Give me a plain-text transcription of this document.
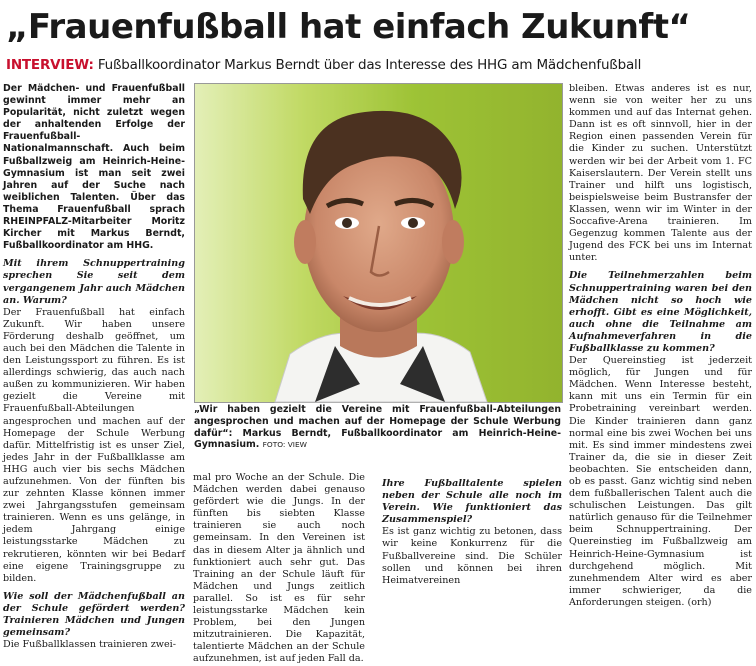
„Frauenfußball hat einfach Zukunft“
INTERVIEW: Fußballkoordinator Markus Berndt über das Interesse des HHG am Mädchenfußball

Der Mädchen- und Frauenfußball gewinnt immer mehr an Popularität, nicht zuletzt wegen der anhaltenden Erfolge der Frauenfußball-Nationalmannschaft. Auch beim Fußballzweig am Heinrich-Heine-Gymnasium ist man seit zwei Jahren auf der Suche nach weiblichen Talenten. Über das Thema Frauenfußball sprach RHEINPFALZ-Mitarbeiter Moritz Kircher mit Markus Berndt, Fußballkoordinator am HHG.

Mit ihrem Schnuppertraining sprechen Sie seit dem vergangenem Jahr auch Mädchen an. Warum?

Der Frauenfußball hat einfach Zukunft. Wir haben unsere Förderung deshalb geöffnet, um auch bei den Mädchen die Talente in den Leistungssport zu führen. Es ist allerdings schwierig, das auch nach außen zu kommunizieren. Wir haben gezielt die Vereine mit Frauenfußball-Abteilungen angesprochen und machen auf der Homepage der Schule Werbung dafür. Mittelfristig ist es unser Ziel, jedes Jahr in der Fußballklasse am HHG auch vier bis sechs Mädchen aufzunehmen. Von der fünften bis zur zehnten Klasse können immer zwei Jahrgangsstufen gemeinsam trainieren. Wenn es uns gelänge, in jedem Jahrgang einige leistungsstarke Mädchen zu rekrutieren, könnten wir bei Bedarf eine eigene Trainingsgruppe zu bilden.

Wie soll der Mädchenfußball an der Schule gefördert werden? Trainieren Mädchen und Jungen gemeinsam?

Die Fußballklassen trainieren zwei-

„Wir haben gezielt die Vereine mit Frauenfußball-Abteilungen angesprochen und machen auf der Homepage der Schule Werbung dafür“: Markus Berndt, Fußballkoordinator am Heinrich-Heine-Gymnasium. FOTO: VIEW

mal pro Woche an der Schule. Die Mädchen werden dabei genauso gefördert wie die Jungs. In der fünften bis siebten Klasse trainieren sie auch noch gemeinsam. In den Vereinen ist das in diesem Alter ja ähnlich und funktioniert auch sehr gut. Das Training an der Schule läuft für Mädchen und Jungs zeitlich parallel. So ist es für sehr leistungsstarke Mädchen kein Problem, bei den Jungen mitzutrainieren. Die Kapazität, talentierte Mädchen an der Schule aufzunehmen, ist auf jeden Fall da.

Ihre Fußballtalente spielen neben der Schule alle noch im Verein. Wie funktioniert das Zusammenspiel?

Es ist ganz wichtig zu betonen, dass wir keine Konkurrenz für die Fußballvereine sind. Die Schüler sollen und können bei ihren Heimatvereinen

bleiben. Etwas anderes ist es nur, wenn sie von weiter her zu uns kommen und auf das Internat gehen. Dann ist es oft sinnvoll, hier in der Region einen passenden Verein für die Kinder zu suchen. Unterstützt werden wir bei der Arbeit vom 1. FC Kaiserslautern. Der Verein stellt uns Trainer und hilft uns logistisch, beispielsweise beim Bustransfer der Klassen, wenn wir im Winter in der Soccafive-Arena trainieren. Im Gegenzug kommen Talente aus der Jugend des FCK bei uns im Internat unter.

Die Teilnehmerzahlen beim Schnuppertraining waren bei den Mädchen nicht so hoch wie erhofft. Gibt es eine Möglichkeit, auch ohne die Teilnahme am Aufnahmeverfahren in die Fußballklasse zu kommen?

Der Quereinstieg ist jederzeit möglich, für Jungen und für Mädchen. Wenn Interesse besteht, kann mit uns ein Termin für ein Probetraining vereinbart werden. Die Kinder trainieren dann ganz normal eine bis zwei Wochen bei uns mit. Es sind immer mindestens zwei Trainer da, die sie in dieser Zeit beobachten. Sie entscheiden dann, ob es passt. Ganz wichtig sind neben dem fußballerischen Talent auch die schulischen Leistungen. Das gilt natürlich genauso für die Teilnehmer beim Schnuppertraining. Der Quereinstieg im Fußballzweig am Heinrich-Heine-Gymnasium ist durchgehend möglich. Mit zunehmendem Alter wird es aber immer schwieriger, da die Anforderungen steigen. (orh)
